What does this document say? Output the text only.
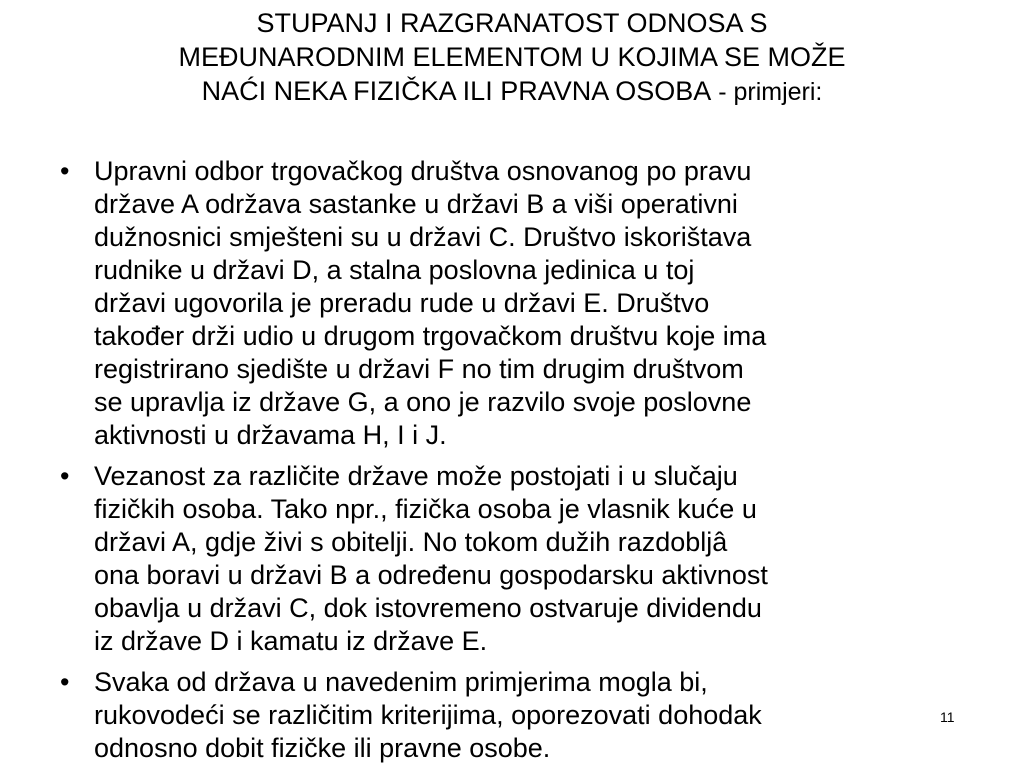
STUPANJ I RAZGRANATOST ODNOSA S
MEĐUNARODNIM ELEMENTOM U KOJIMA SE MOŽE
NAĆI NEKA FIZIČKA ILI PRAVNA OSOBA - primjeri:
• Upravni odbor trgovačkog društva osnovanog po pravu
države A održava sastanke u državi B a viši operativni
dužnosnici smješteni su u državi C. Društvo iskorištava
rudnike u državi D, a stalna poslovna jedinica u toj
državi ugovorila je preradu rude u državi E. Društvo
također drži udio u drugom trgovačkom društvu koje ima
registrirano sjedište u državi F no tim drugim društvom
se upravlja iz države G, a ono je razvilo svoje poslovne
aktivnosti u državama H, I i J.
• Vezanost za različite države može postojati i u slučaju
fizičkih osoba. Tako npr., fizička osoba je vlasnik kuće u
državi A, gdje živi s obitelji. No tokom dužih razdobljâ
ona boravi u državi B a određenu gospodarsku aktivnost
obavlja u državi C, dok istovremeno ostvaruje dividendu
iz države D i kamatu iz države E.
• Svaka od država u navedenim primjerima mogla bi,
rukovodeći se različitim kriterijima, oporezovati dohodak
odnosno dobit fizičke ili pravne osobe.
11
